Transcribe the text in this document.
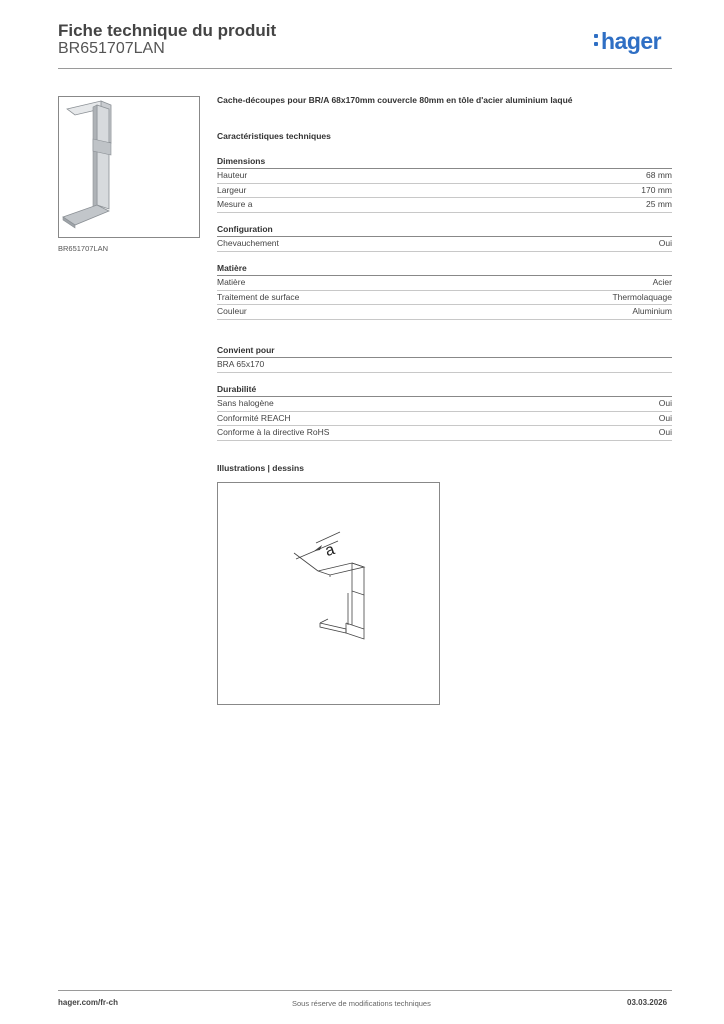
Fiche technique du produit
BR651707LAN	hager
BR651707LAN
Cache-découpes pour BR/A 68x170mm couvercle 80mm en tôle d'acier aluminium laqué
Caractéristiques techniques
Dimensions
Hauteur	68 mm
Largeur	170 mm
Mesure a	25 mm
Configuration
Chevauchement	Oui
Matière
Matière	Acier
Traitement de surface	Thermolaquage
Couleur	Aluminium
Convient pour
BRA 65x170
Durabilité
Sans halogène	Oui
Conformité REACH	Oui
Conforme à la directive RoHS	Oui
Illustrations | dessins
a
hager.com/fr-ch	Sous réserve de modifications techniques	03.03.2026
